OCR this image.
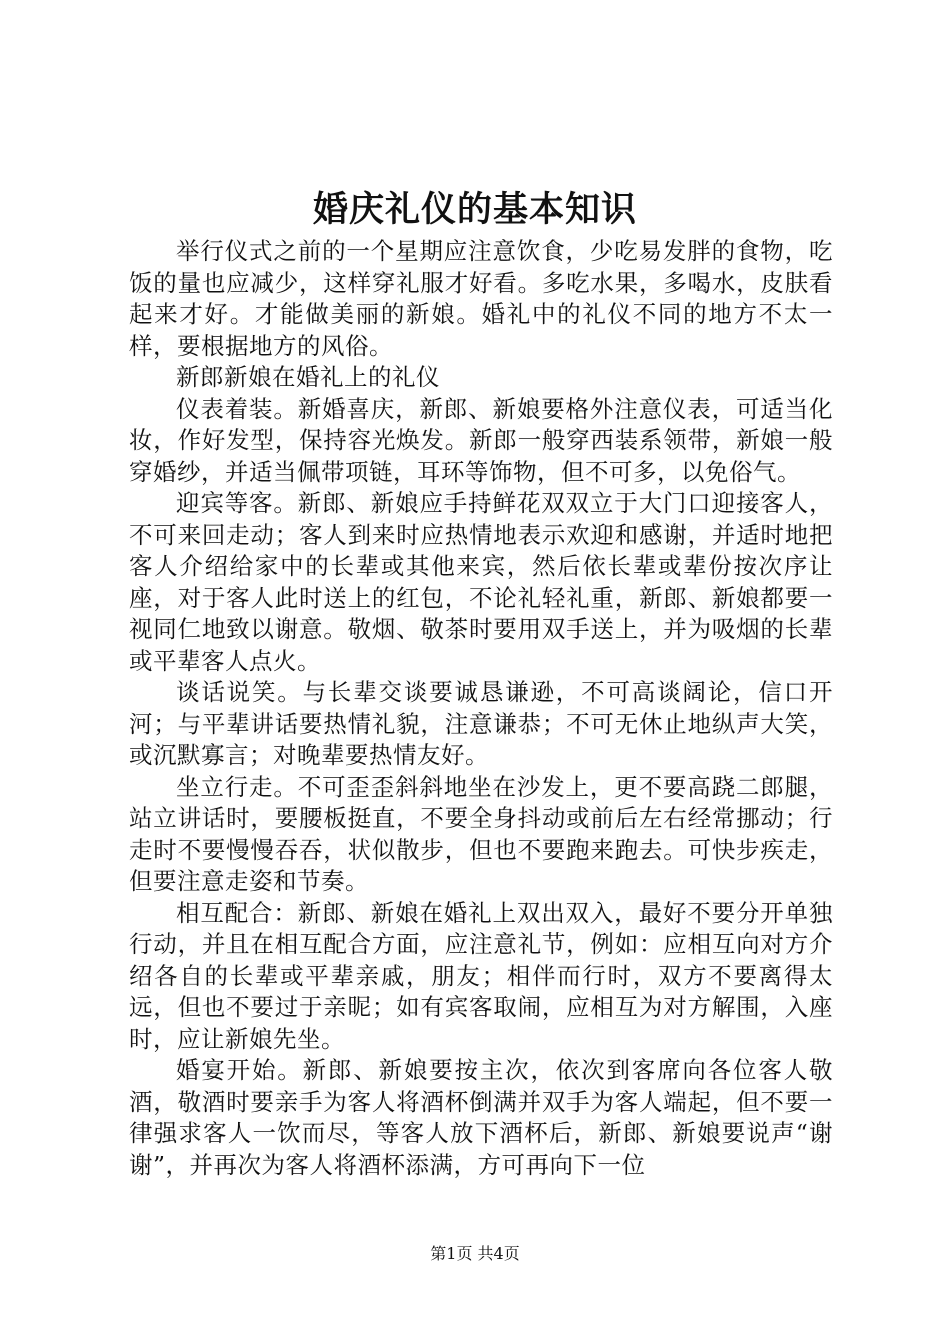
婚庆礼仪的基本知识

举行仪式之前的一个星期应注意饮食，少吃易发胖的食物，吃饭的量也应减少，这样穿礼服才好看。多吃水果，多喝水，皮肤看起来才好。才能做美丽的新娘。婚礼中的礼仪不同的地方不太一样，要根据地方的风俗。

新郎新娘在婚礼上的礼仪

仪表着装。新婚喜庆，新郎、新娘要格外注意仪表，可适当化妆，作好发型，保持容光焕发。新郎一般穿西装系领带，新娘一般穿婚纱，并适当佩带项链，耳环等饰物，但不可多，以免俗气。

迎宾等客。新郎、新娘应手持鲜花双双立于大门口迎接客人，不可来回走动；客人到来时应热情地表示欢迎和感谢，并适时地把客人介绍给家中的长辈或其他来宾，然后依长辈或辈份按次序让座，对于客人此时送上的红包，不论礼轻礼重，新郎、新娘都要一视同仁地致以谢意。敬烟、敬茶时要用双手送上，并为吸烟的长辈或平辈客人点火。

谈话说笑。与长辈交谈要诚恳谦逊，不可高谈阔论，信口开河；与平辈讲话要热情礼貌，注意谦恭；不可无休止地纵声大笑，或沉默寡言；对晚辈要热情友好。

坐立行走。不可歪歪斜斜地坐在沙发上，更不要高跷二郎腿，站立讲话时，要腰板挺直，不要全身抖动或前后左右经常挪动；行走时不要慢慢吞吞，状似散步，但也不要跑来跑去。可快步疾走，但要注意走姿和节奏。

相互配合：新郎、新娘在婚礼上双出双入，最好不要分开单独行动，并且在相互配合方面，应注意礼节，例如：应相互向对方介绍各自的长辈或平辈亲戚，朋友；相伴而行时，双方不要离得太远，但也不要过于亲昵；如有宾客取闹，应相互为对方解围，入座时，应让新娘先坐。

婚宴开始。新郎、新娘要按主次，依次到客席向各位客人敬酒，敬酒时要亲手为客人将酒杯倒满并双手为客人端起，但不要一律强求客人一饮而尽，等客人放下酒杯后，新郎、新娘要说声“谢谢”，并再次为客人将酒杯添满，方可再向下一位

第1页 共4页
